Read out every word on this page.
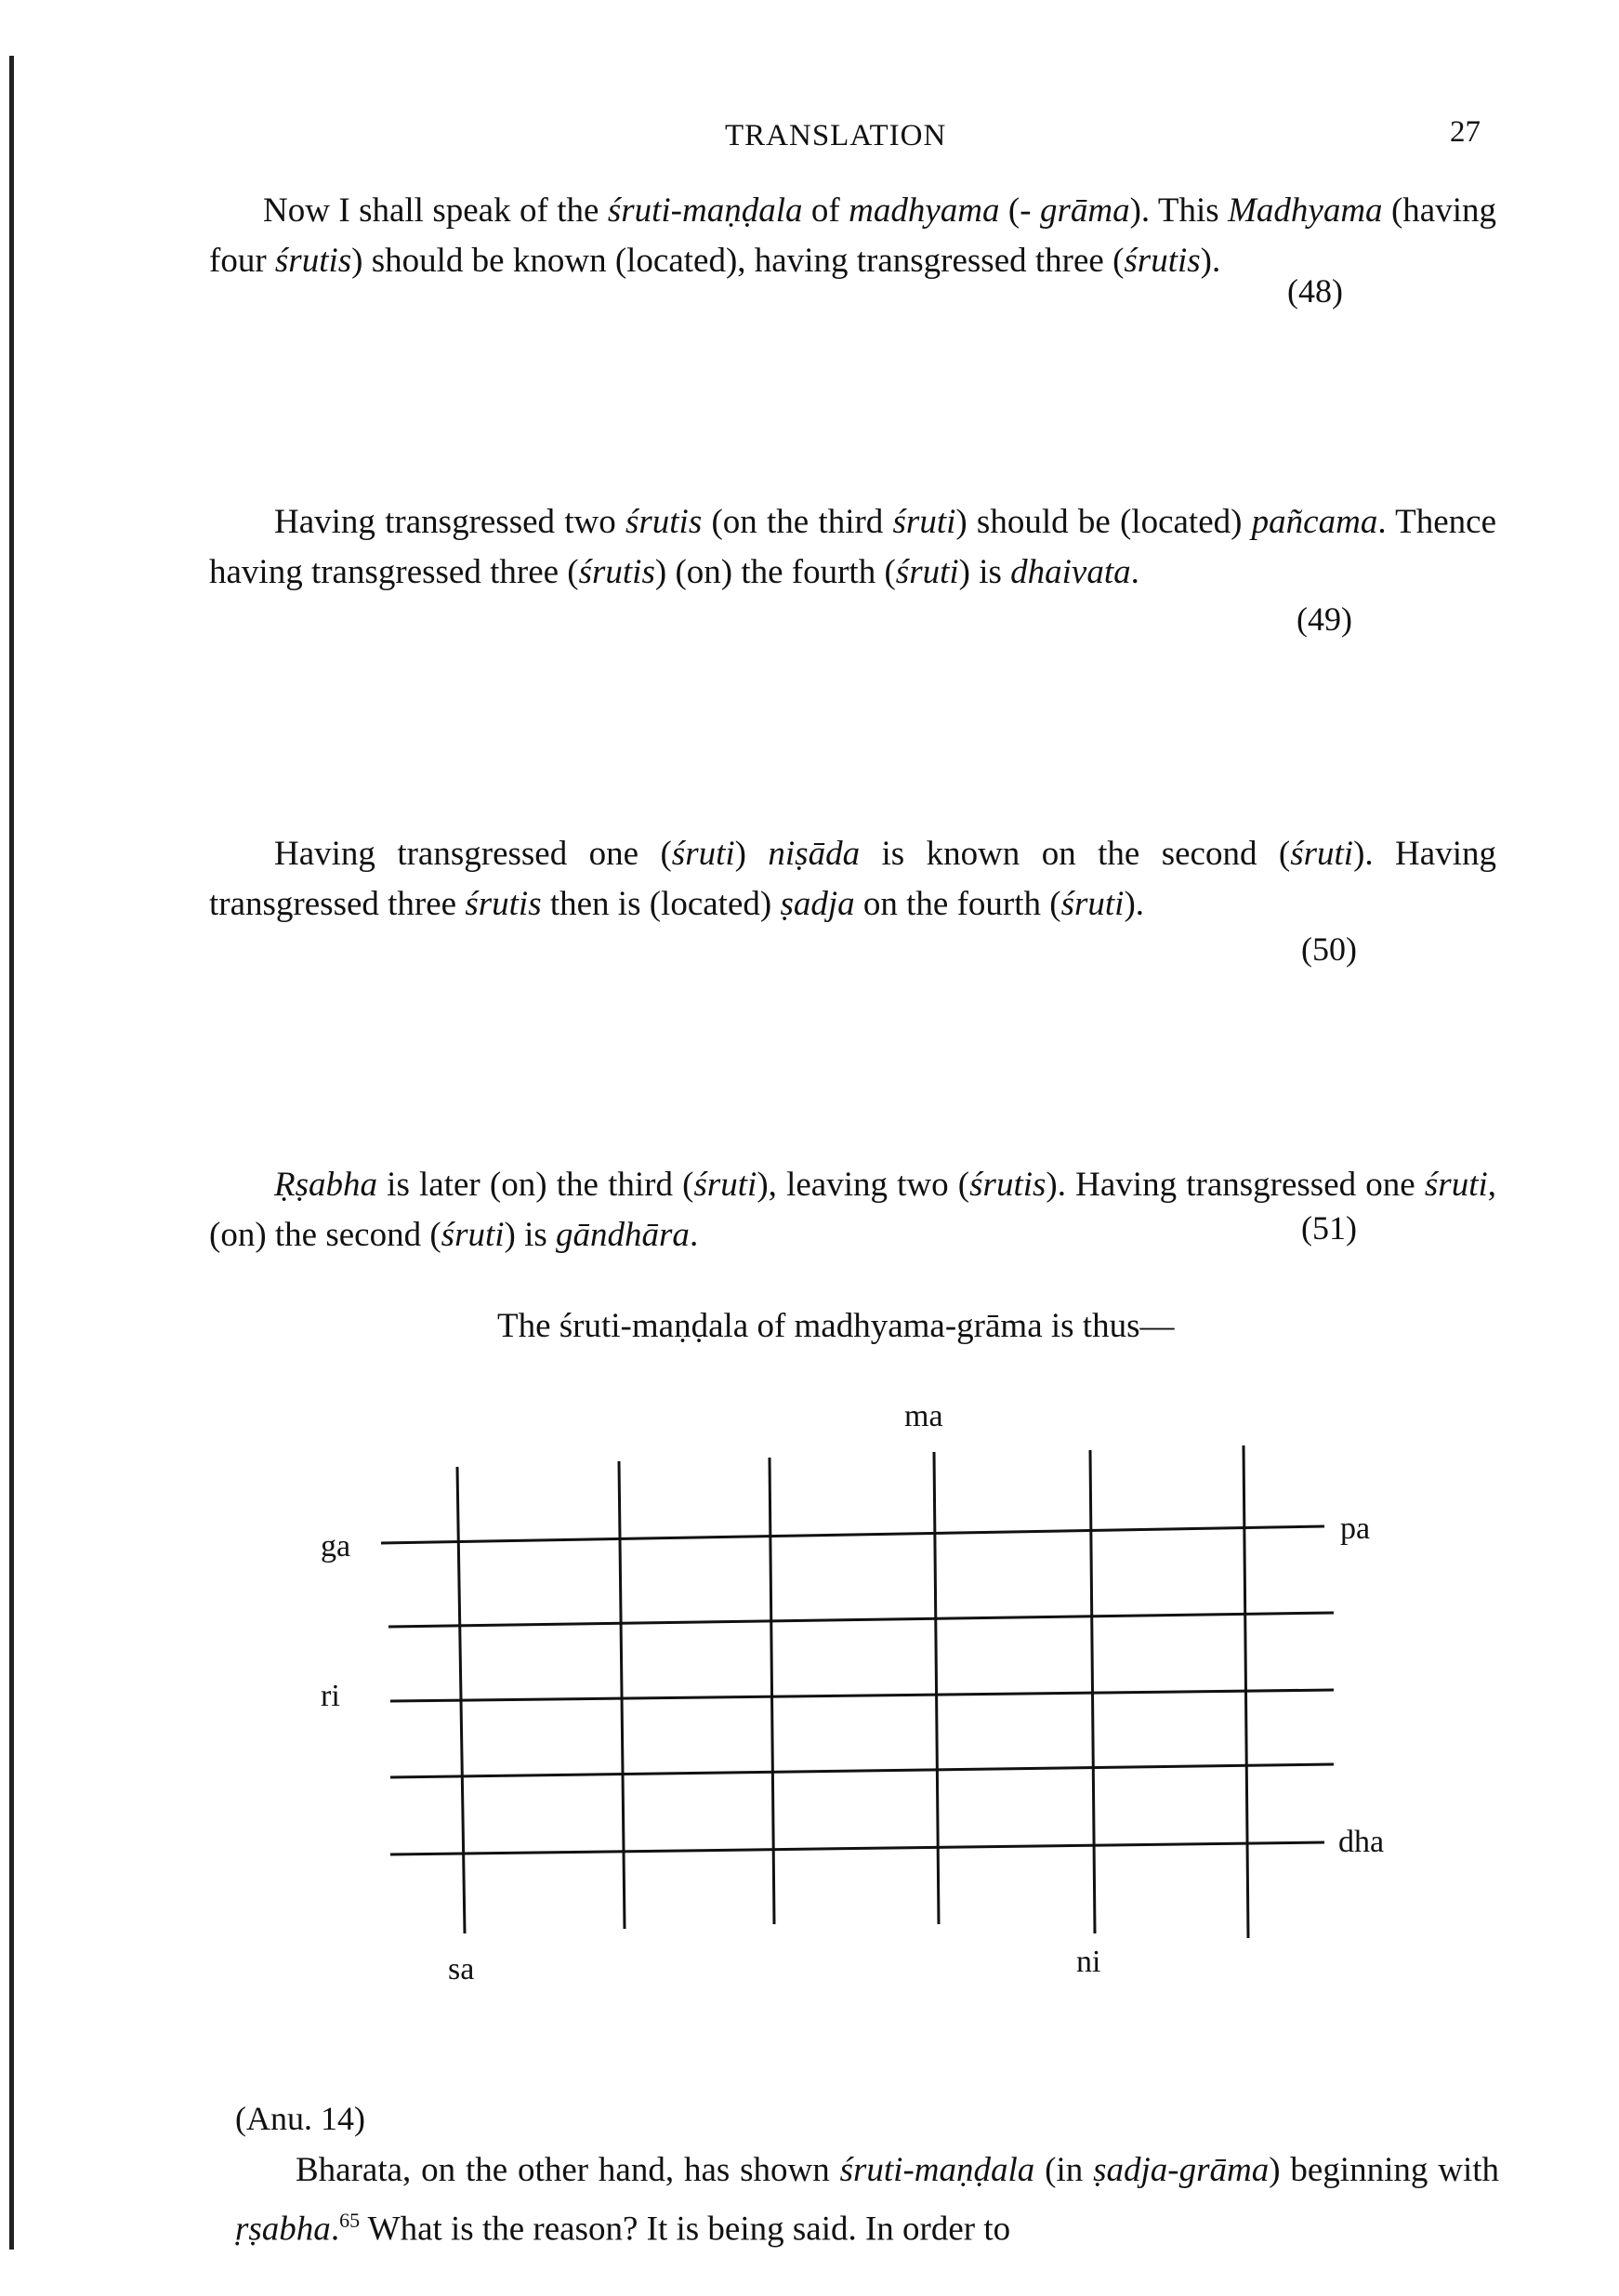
TRANSLATION	27
Now I shall speak of the śruti-maṇḍala of madhyama (- grāma). This Madhyama (having four śrutis) should be known (located), having transgressed three (śrutis).
(48)
Having transgressed two śrutis (on the third śruti) should be (located) pañcama. Thence having transgressed three (śrutis) (on) the fourth (śruti) is dhaivata.
(49)
Having transgressed one (śruti) niṣāda is known on the second (śruti). Having transgressed three śrutis then is (located) ṣadja on the fourth (śruti).
(50)
Ṛṣabha is later (on) the third (śruti), leaving two (śrutis). Having transgressed one śruti, (on) the second (śruti) is gāndhāra.	(51)
The śruti-maṇḍala of madhyama-grāma is thus—
ma
ga
ri
pa
dha
sa	ni
(Anu. 14)
Bharata, on the other hand, has shown śruti-maṇḍala (in ṣadja-grāma) beginning with ṛṣabha.$^{65}$ What is the reason? It is being said. In order to
